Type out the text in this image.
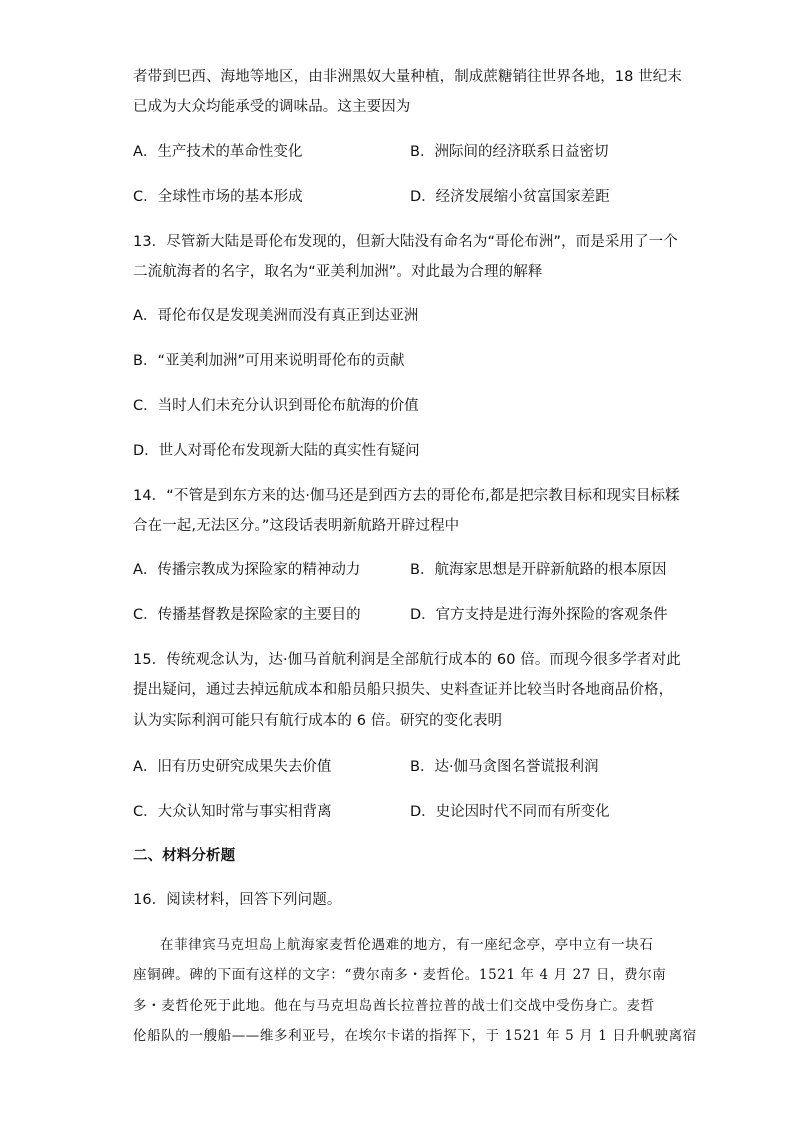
者带到巴西、海地等地区，由非洲黑奴大量种植，制成蔗糖销往世界各地，18 世纪末
已成为大众均能承受的调味品。这主要因为
A．生产技术的革命性变化	B．洲际间的经济联系日益密切
C．全球性市场的基本形成	D．经济发展缩小贫富国家差距
13．尽管新大陆是哥伦布发现的，但新大陆没有命名为“哥伦布洲”，而是采用了一个
二流航海者的名字，取名为“亚美利加洲”。对此最为合理的解释
A．哥伦布仅是发现美洲而没有真正到达亚洲
B．“亚美利加洲”可用来说明哥伦布的贡献
C．当时人们未充分认识到哥伦布航海的价值
D．世人对哥伦布发现新大陆的真实性有疑问
14．“不管是到东方来的达·伽马还是到西方去的哥伦布,都是把宗教目标和现实目标糅
合在一起,无法区分。”这段话表明新航路开辟过程中
A．传播宗教成为探险家的精神动力	B．航海家思想是开辟新航路的根本原因
C．传播基督教是探险家的主要目的	D．官方支持是进行海外探险的客观条件
15．传统观念认为，达·伽马首航利润是全部航行成本的 60 倍。而现今很多学者对此
提出疑问，通过去掉远航成本和船员船只损失、史料查证并比较当时各地商品价格，
认为实际利润可能只有航行成本的 6 倍。研究的变化表明
A．旧有历史研究成果失去价值	B．达·伽马贪图名誉谎报利润
C．大众认知时常与事实相背离	D．史论因时代不同而有所变化
二、材料分析题
16．阅读材料，回答下列问题。
在菲律宾马克坦岛上航海家麦哲伦遇难的地方，有一座纪念亭，亭中立有一块石
座铜碑。碑的下面有这样的文字：“费尔南多・麦哲伦。1521 年 4 月 27 日，费尔南
多・麦哲伦死于此地。他在与马克坦岛酋长拉普拉普的战士们交战中受伤身亡。麦哲
伦船队的一艘船——维多利亚号，在埃尔卡诺的指挥下，于 1521 年 5 月 1 日升帆驶离宿
